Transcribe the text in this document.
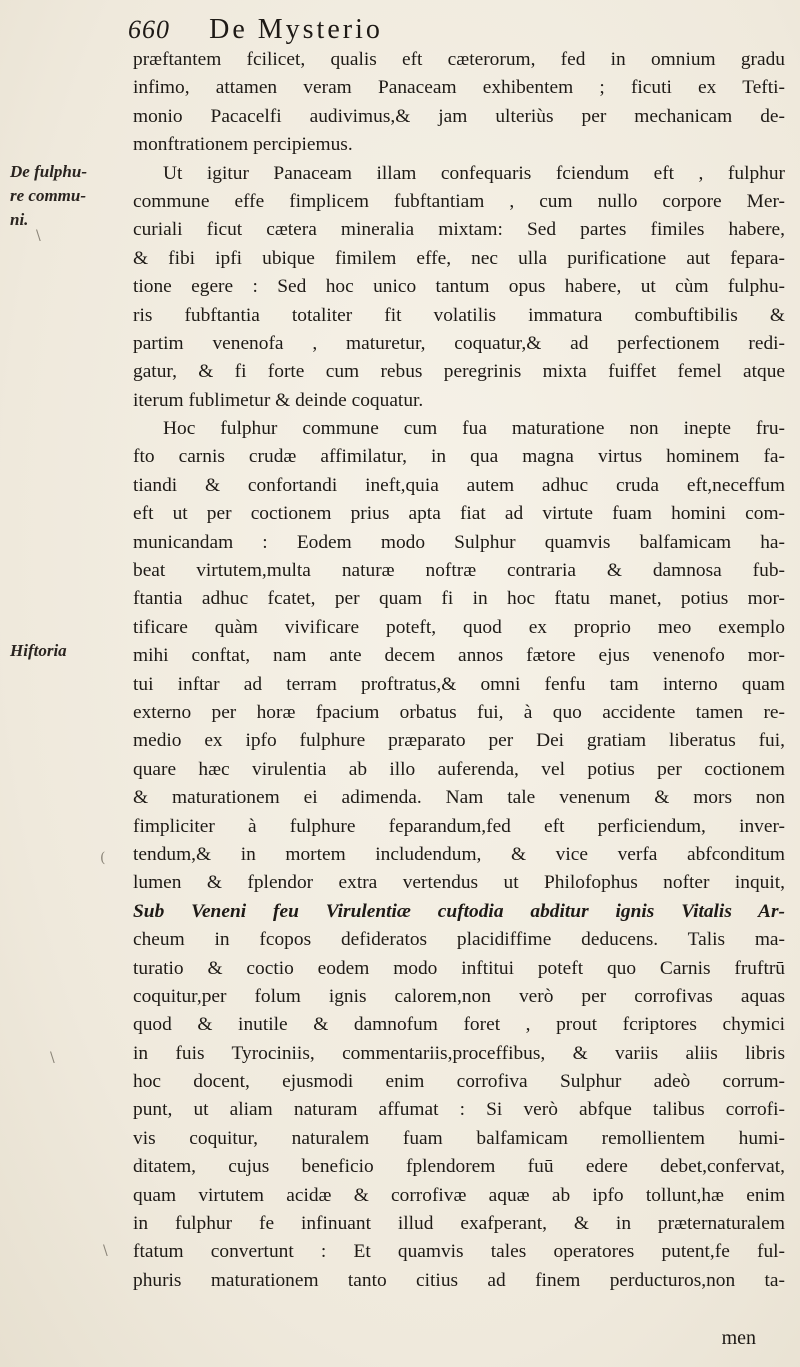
660 De Mysterio
De fulphu-
re commu-
ni.
\
Hiftoria
(
\
\
præftantem fcilicet, qualis eft cæterorum, fed in omnium gradu
infimo, attamen veram Panaceam exhibentem ; ficuti ex Tefti-
monio Pacacelfi audivimus,& jam ulteriùs per mechanicam de-
monftrationem percipiemus.
Ut igitur Panaceam illam confequaris fciendum eft , fulphur
commune effe fimplicem fubftantiam , cum nullo corpore Mer-
curiali ficut cætera mineralia mixtam: Sed partes fimiles habere,
& fibi ipfi ubique fimilem effe, nec ulla purificatione aut fepara-
tione egere : Sed hoc unico tantum opus habere, ut cùm fulphu-
ris fubftantia totaliter fit volatilis immatura combuftibilis &
partim venenofa , maturetur, coquatur,& ad perfectionem redi-
gatur, & fi forte cum rebus peregrinis mixta fuiffet femel atque
iterum fublimetur & deinde coquatur.
Hoc fulphur commune cum fua maturatione non inepte fru-
fto carnis crudæ affimilatur, in qua magna virtus hominem fa-
tiandi & confortandi ineft,quia autem adhuc cruda eft,neceffum
eft ut per coctionem prius apta fiat ad virtute fuam homini com-
municandam : Eodem modo Sulphur quamvis balfamicam ha-
beat virtutem,multa naturæ noftræ contraria & damnosa fub-
ftantia adhuc fcatet, per quam fi in hoc ftatu manet, potius mor-
tificare quàm vivificare poteft, quod ex proprio meo exemplo
mihi conftat, nam ante decem annos fætore ejus venenofo mor-
tui inftar ad terram proftratus,& omni fenfu tam interno quam
externo per horæ fpacium orbatus fui, à quo accidente tamen re-
medio ex ipfo fulphure præparato per Dei gratiam liberatus fui,
quare hæc virulentia ab illo auferenda, vel potius per coctionem
& maturationem ei adimenda. Nam tale venenum & mors non
fimpliciter à fulphure feparandum,fed eft perficiendum, inver-
tendum,& in mortem includendum, & vice verfa abfconditum
lumen & fplendor extra vertendus ut Philofophus nofter inquit,
Sub Veneni feu Virulentiæ cuftodia abditur ignis Vitalis Ar-
cheum in fcopos defideratos placidiffime deducens. Talis ma-
turatio & coctio eodem modo inftitui poteft quo Carnis fruftrū
coquitur,per folum ignis calorem,non verò per corrofivas aquas
quod & inutile & damnofum foret , prout fcriptores chymici
in fuis Tyrociniis, commentariis,proceffibus, & variis aliis libris
hoc docent, ejusmodi enim corrofiva Sulphur adeò corrum-
punt, ut aliam naturam affumat : Si verò abfque talibus corrofi-
vis coquitur, naturalem fuam balfamicam remollientem humi-
ditatem, cujus beneficio fplendorem fuū edere debet,confervat,
quam virtutem acidæ & corrofivæ aquæ ab ipfo tollunt,hæ enim
in fulphur fe infinuant illud exafperant, & in præternaturalem
ftatum convertunt : Et quamvis tales operatores putent,fe ful-
phuris maturationem tanto citius ad finem perducturos,non ta-
men
